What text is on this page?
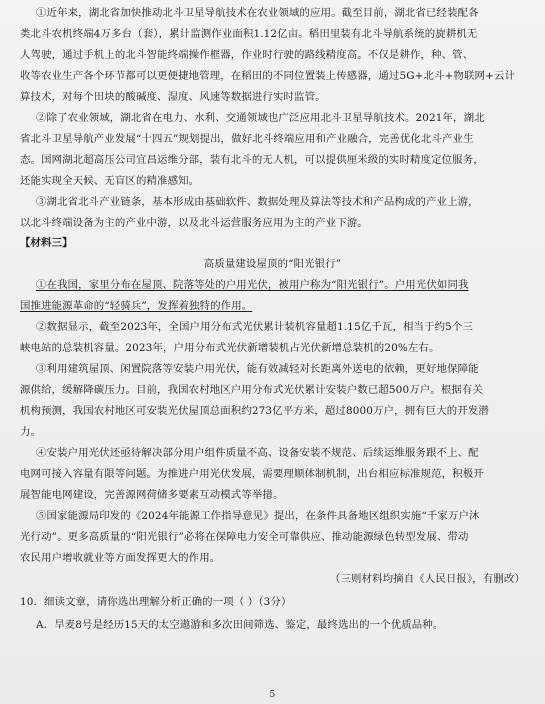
①近年来，湖北省加快推动北斗卫星导航技术在农业领域的应用。截至目前，湖北省已经装配各
类北斗农机终端4万多台（套），累计监测作业面积1.12亿亩。稻田里装有北斗导航系统的旋耕机无
人驾驶，通过手机上的北斗智能终端操作框器，作业时行驶的路线精度高。不仅是耕作，种、管、
收等农业生产各个环节都可以更便捷地管理，在稻田的不同位置装上传感器，通过5G+北斗+物联网+云计
算技术，对每个田块的酸碱度、湿度、风速等数据进行实时监管。
②除了农业领域，湖北省在电力、水利、交通领域也广泛应用北斗卫星导航技术。2021年，湖北
省北斗卫星导航产业发展“十四五”规划提出，做好北斗终端应用和产业融合，完善优化北斗产业生
态。国网湖北超高压公司宜昌运维分部，装有北斗的无人机，可以提供厘米级的实时精度定位服务，
还能实现全天候、无盲区的精准感知。
③湖北省北斗产业链条，基本形成由基础软件、数据处理及算法等技术和产品构成的产业上游，
以北斗终端设备为主的产业中游，以及北斗运营服务应用为主的产业下游。
【材料三】
高质量建设屋顶的“阳光银行”
①在我国，家里分布在屋顶、院落等处的户用光伏，被用户称为“阳光银行”。户用光伏如同我
国推进能源革命的“轻骑兵”，发挥着独特的作用。
②数据显示，截至2023年，全国户用分布式光伏累计装机容量超1.15亿千瓦，相当于约5个三
峡电站的总装机容量。2023年，户用分布式光伏新增装机占光伏新增总装机的20%左右。
③利用建筑屋顶、闲置院落等安装户用光伏，能有效减轻对长距离外送电的依赖，更好地保障能
源供给，缓解降碳压力。目前，我国农村地区户用分布式光伏累计安装户数已超500万户。根据有关
机构预测，我国农村地区可安装光伏屋顶总面积约273亿平方米，超过8000万户，拥有巨大的开发潜
力。
④安装户用光伏还亟待解决部分用户组件质量不高、设备安装不规范、后续运维服务跟不上、配
电网可接入容量有限等问题。为推进户用光伏发展，需要理顺体制机制，出台相应标准规范，积极开
展智能电网建设，完善源网荷储多要素互动模式等举措。
⑤国家能源局印发的《2024年能源工作指导意见》提出，在条件具备地区组织实施“千家万户沐
光行动”。更多高质量的“阳光银行”必将在保障电力安全可靠供应、推动能源绿色转型发展、带动
农民用户增收就业等方面发挥更大的作用。
（三则材料均摘自《人民日报》，有删改）
10．细读文章，请你选出理解分析正确的一项（ ）（3分）
A．旱麦8号是经历15天的太空遨游和多次田间筛选、鉴定，最终选出的一个优质品种。
5
